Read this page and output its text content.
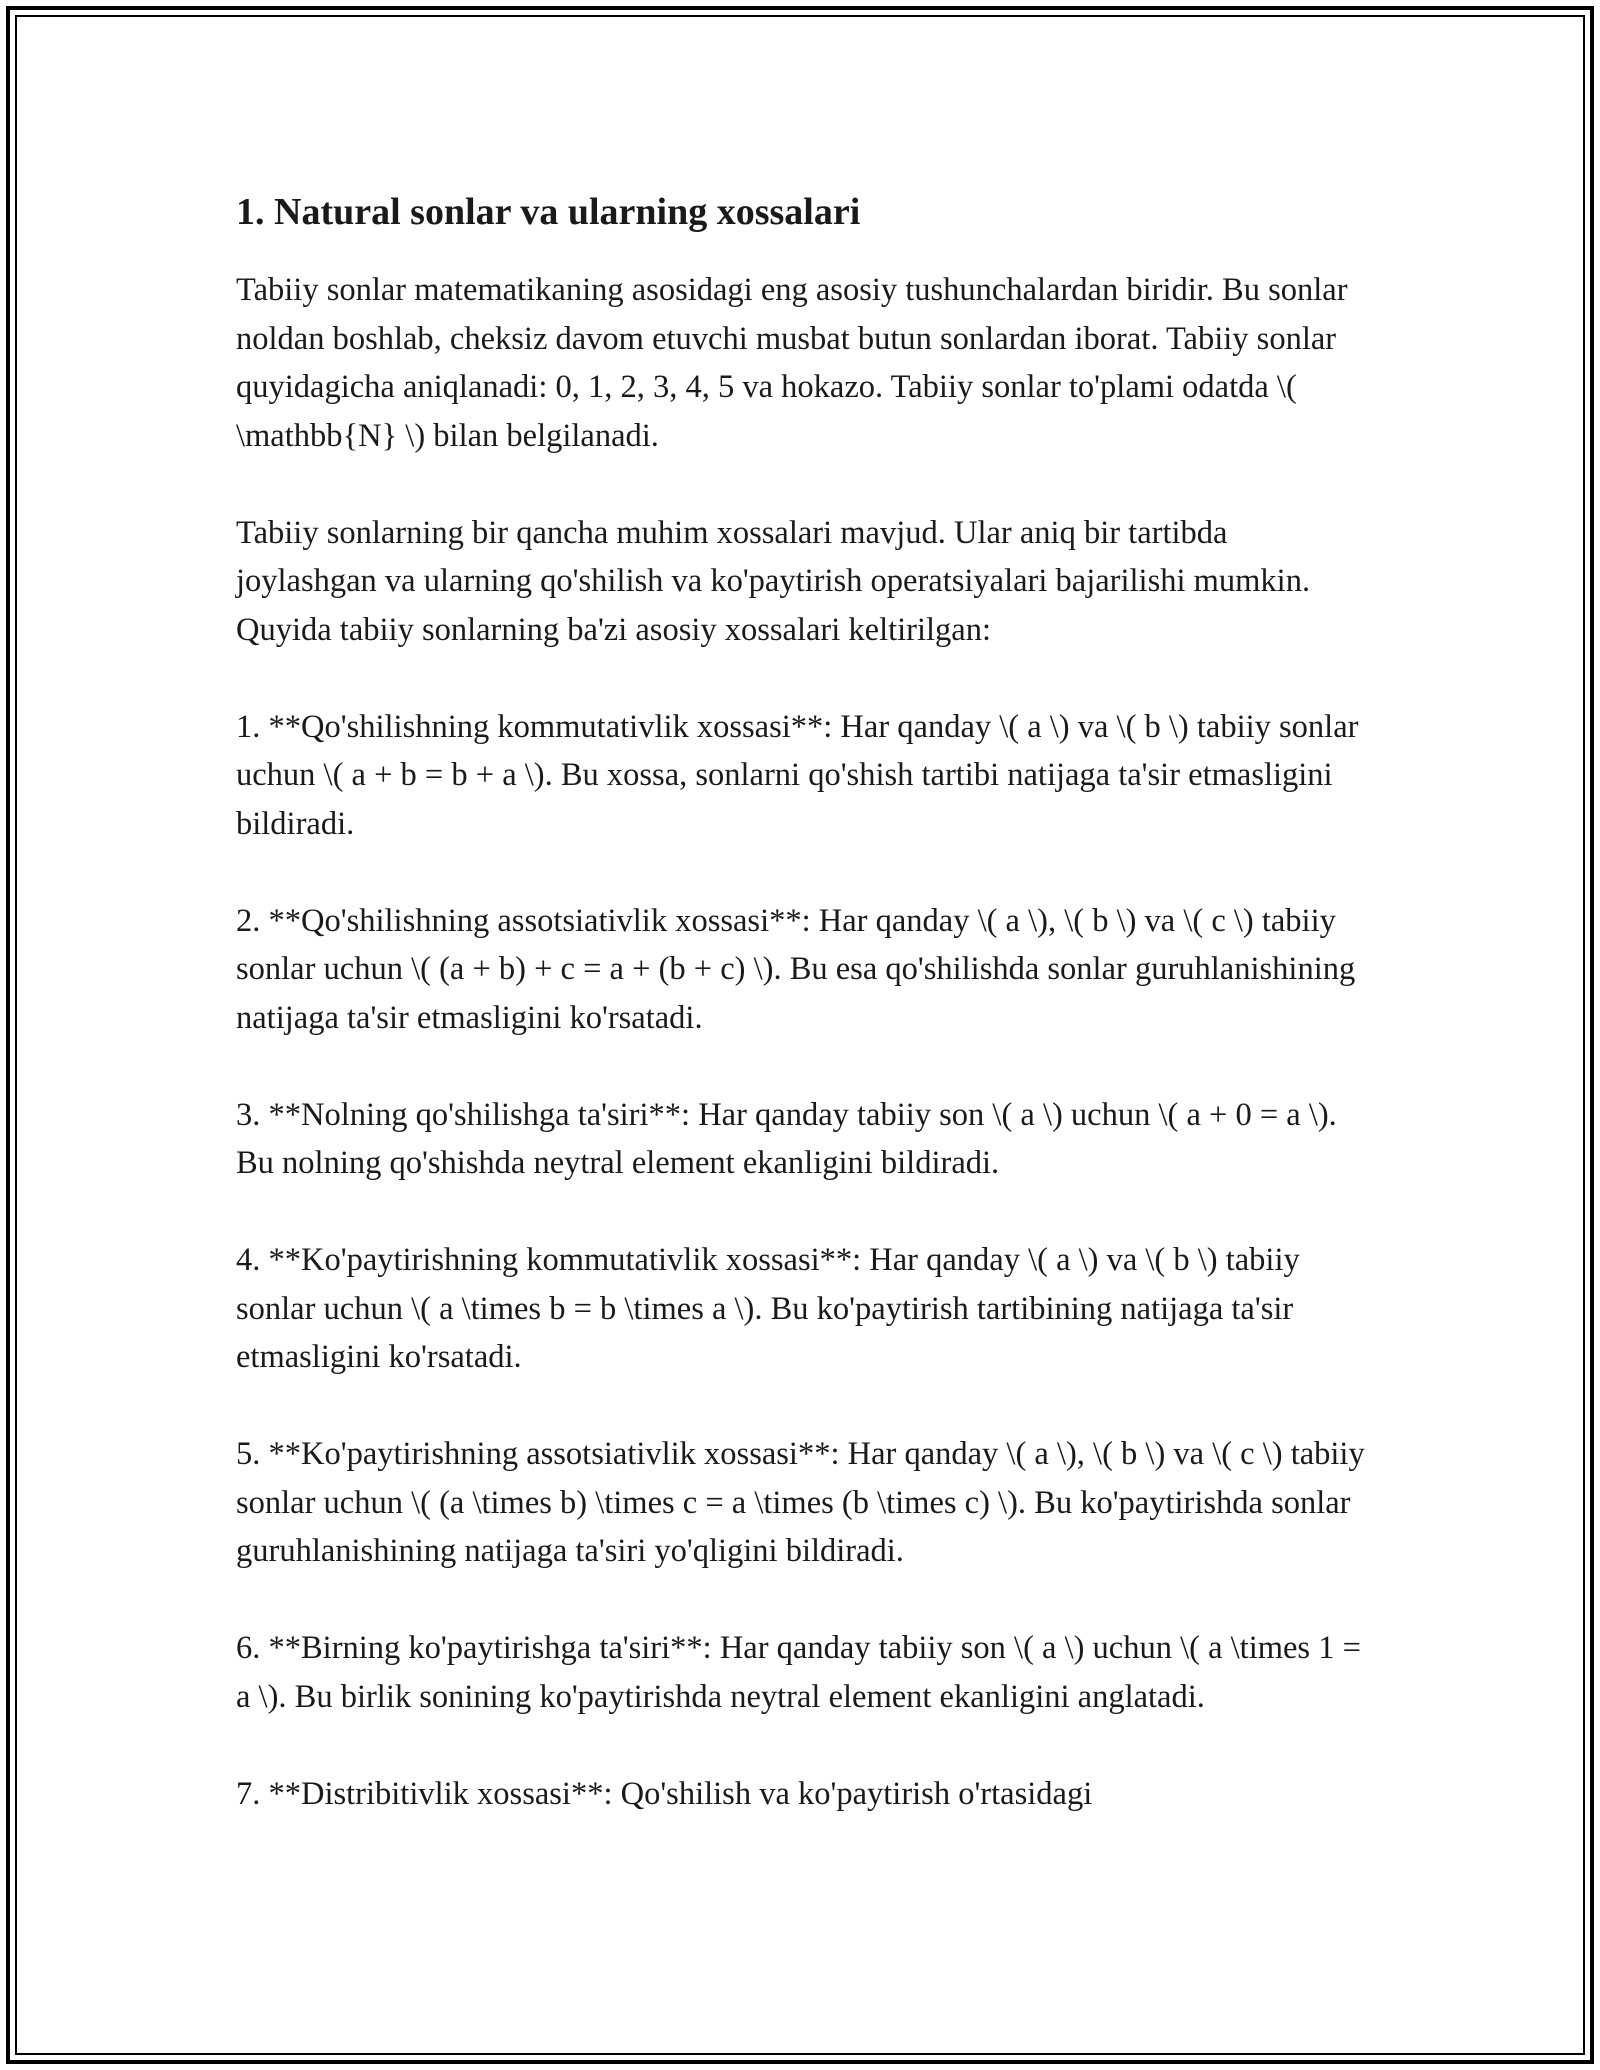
1. Natural sonlar va ularning xossalari

Tabiiy sonlar matematikaning asosidagi eng asosiy tushunchalardan biridir. Bu sonlar noldan boshlab, cheksiz davom etuvchi musbat butun sonlardan iborat. Tabiiy sonlar quyidagicha aniqlanadi: 0, 1, 2, 3, 4, 5 va hokazo. Tabiiy sonlar to'plami odatda \( \mathbb{N} \) bilan belgilanadi.

Tabiiy sonlarning bir qancha muhim xossalari mavjud. Ular aniq bir tartibda joylashgan va ularning qo'shilish va ko'paytirish operatsiyalari bajarilishi mumkin. Quyida tabiiy sonlarning ba'zi asosiy xossalari keltirilgan:

1. **Qo'shilishning kommutativlik xossasi**: Har qanday \( a \) va \( b \) tabiiy sonlar uchun \( a + b = b + a \). Bu xossa, sonlarni qo'shish tartibi natijaga ta'sir etmasligini bildiradi.

2. **Qo'shilishning assotsiativlik xossasi**: Har qanday \( a \), \( b \) va \( c \) tabiiy sonlar uchun \( (a + b) + c = a + (b + c) \). Bu esa qo'shilishda sonlar guruhlanishining natijaga ta'sir etmasligini ko'rsatadi.

3. **Nolning qo'shilishga ta'siri**: Har qanday tabiiy son \( a \) uchun \( a + 0 = a \). Bu nolning qo'shishda neytral element ekanligini bildiradi.

4. **Ko'paytirishning kommutativlik xossasi**: Har qanday \( a \) va \( b \) tabiiy sonlar uchun \( a \times b = b \times a \). Bu ko'paytirish tartibining natijaga ta'sir etmasligini ko'rsatadi.

5. **Ko'paytirishning assotsiativlik xossasi**: Har qanday \( a \), \( b \) va \( c \) tabiiy sonlar uchun \( (a \times b) \times c = a \times (b \times c) \). Bu ko'paytirishda sonlar guruhlanishining natijaga ta'siri yo'qligini bildiradi.

6. **Birning ko'paytirishga ta'siri**: Har qanday tabiiy son \( a \) uchun \( a \times 1 = a \). Bu birlik sonining ko'paytirishda neytral element ekanligini anglatadi.

7. **Distribitivlik xossasi**: Qo'shilish va ko'paytirish o'rtasidagi
